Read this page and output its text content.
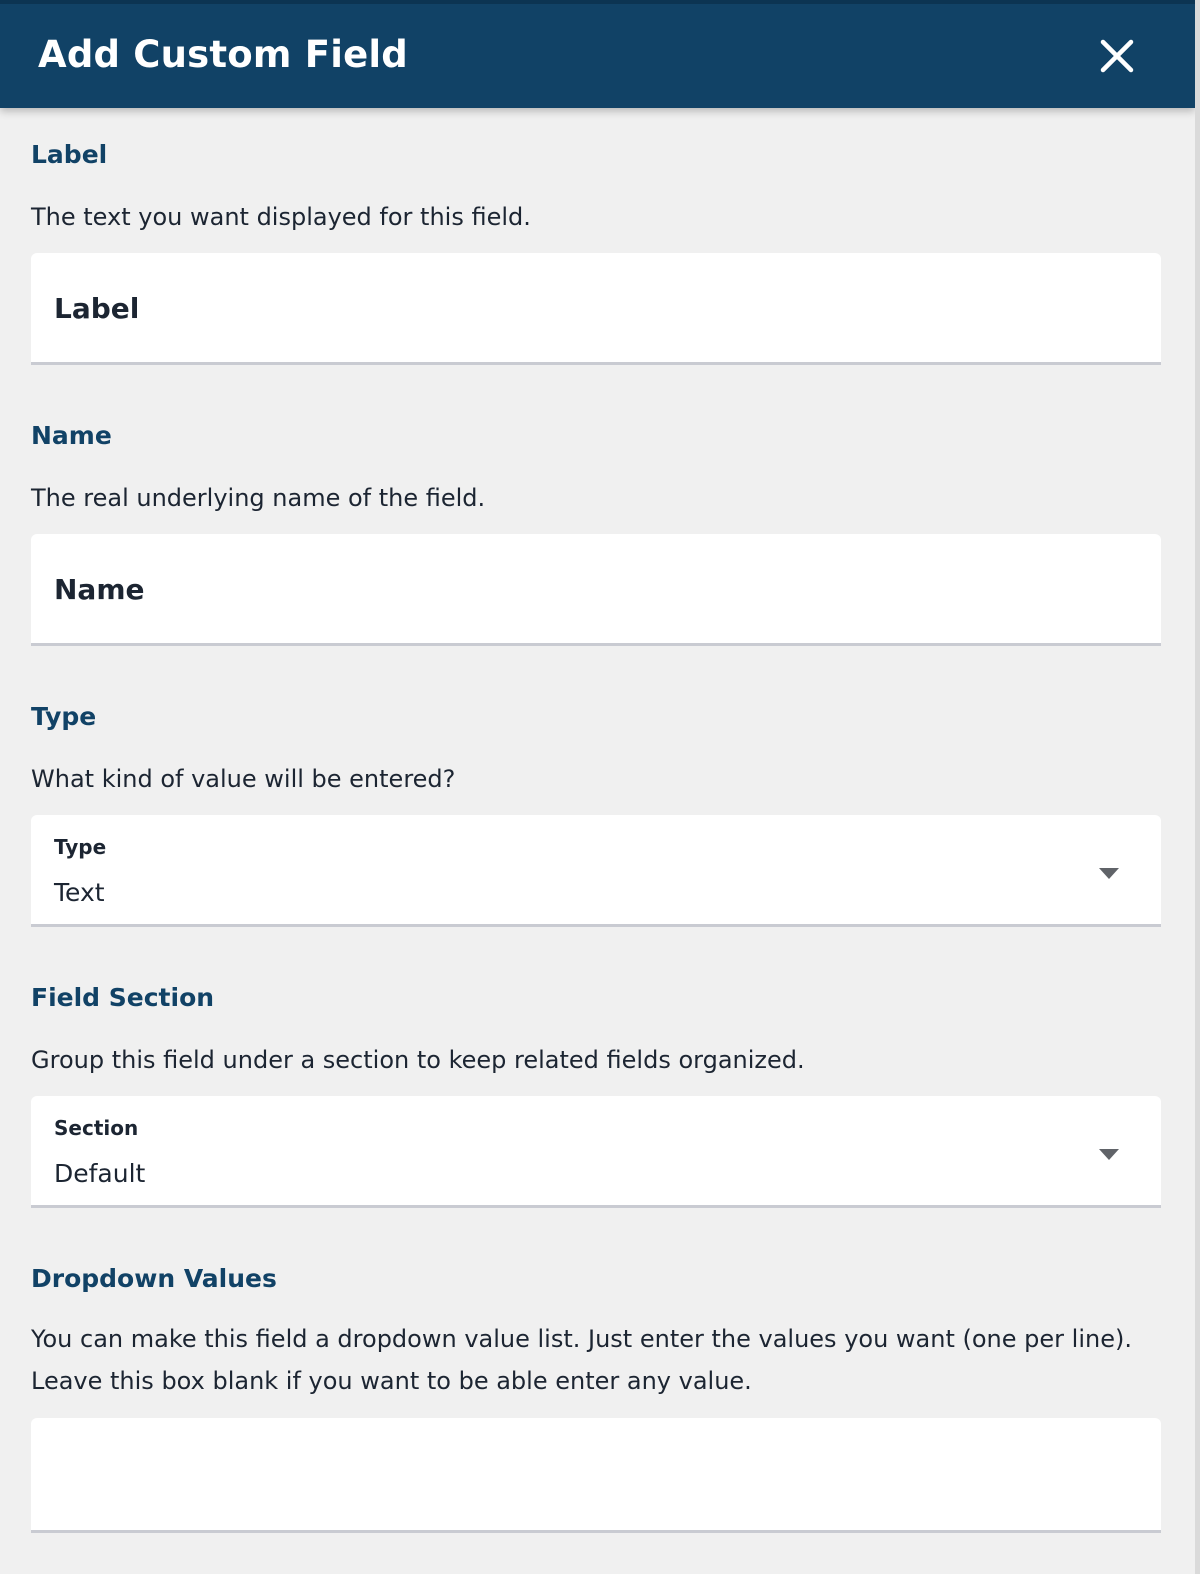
Add Custom Field
Label
The text you want displayed for this field.
Label
Name
The real underlying name of the field.
Name
Type
What kind of value will be entered?
Type
Text
Field Section
Group this field under a section to keep related fields organized.
Section
Default
Dropdown Values
You can make this field a dropdown value list. Just enter the values you want (one per line). Leave this box blank if you want to be able enter any value.
